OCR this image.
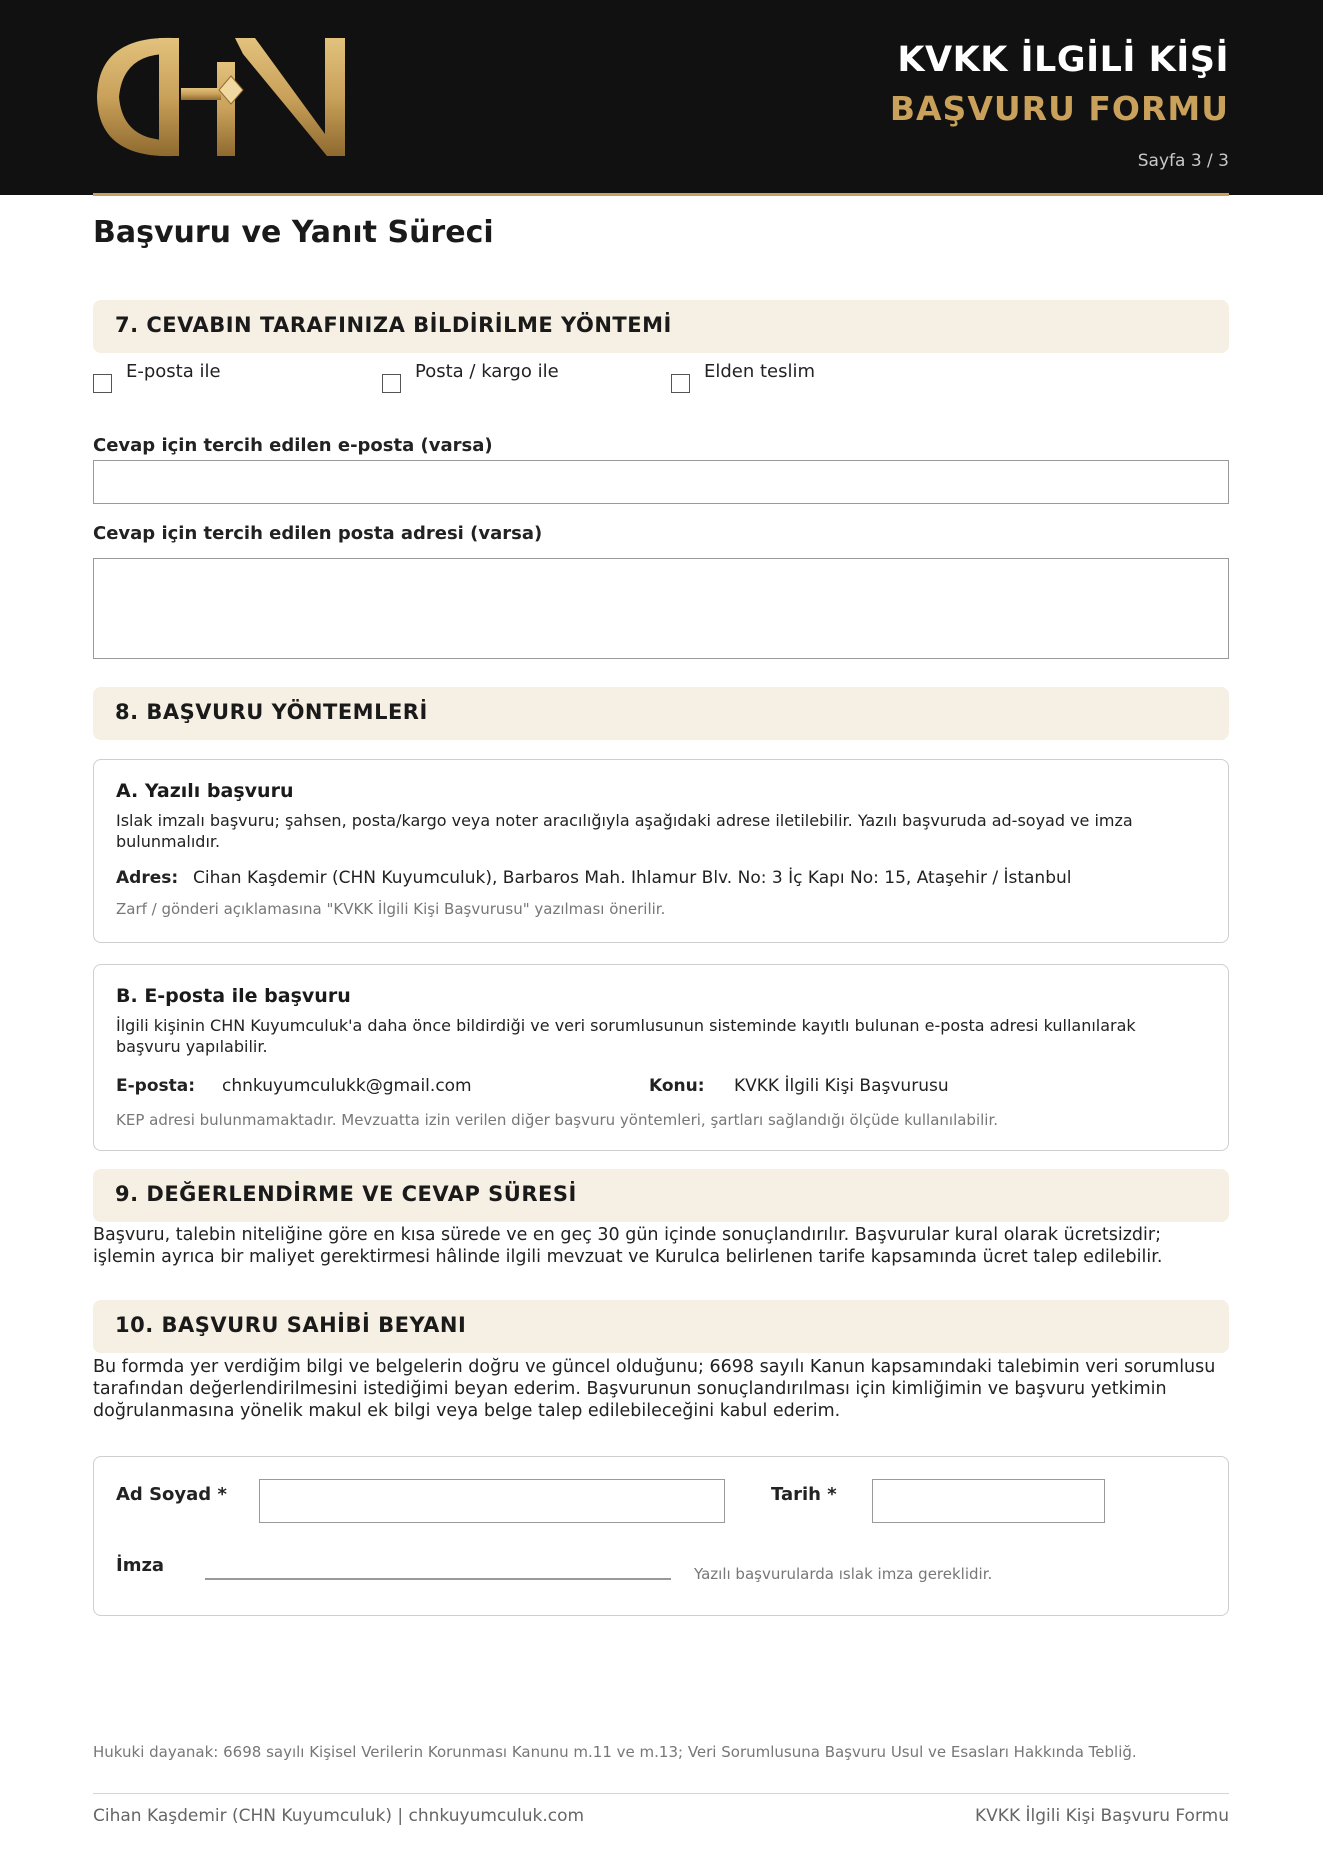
KVKK İLGİLİ KİŞİ
BAŞVURU FORMU
Sayfa 3 / 3
Başvuru ve Yanıt Süreci
7. CEVABIN TARAFINIZA BİLDİRİLME YÖNTEMİ
E-posta ile	Posta / kargo ile	Elden teslim
Cevap için tercih edilen e-posta (varsa)
Cevap için tercih edilen posta adresi (varsa)
8. BAŞVURU YÖNTEMLERİ
A. Yazılı başvuru
Islak imzalı başvuru; şahsen, posta/kargo veya noter aracılığıyla aşağıdaki adrese iletilebilir. Yazılı başvuruda ad-soyad ve imza bulunmalıdır.
Adres: Cihan Kaşdemir (CHN Kuyumculuk), Barbaros Mah. Ihlamur Blv. No: 3 İç Kapı No: 15, Ataşehir / İstanbul
Zarf / gönderi açıklamasına "KVKK İlgili Kişi Başvurusu" yazılması önerilir.
B. E-posta ile başvuru
İlgili kişinin CHN Kuyumculuk'a daha önce bildirdiği ve veri sorumlusunun sisteminde kayıtlı bulunan e-posta adresi kullanılarak başvuru yapılabilir.
E-posta: chnkuyumculukk@gmail.com	Konu: KVKK İlgili Kişi Başvurusu
KEP adresi bulunmamaktadır. Mevzuatta izin verilen diğer başvuru yöntemleri, şartları sağlandığı ölçüde kullanılabilir.
9. DEĞERLENDİRME VE CEVAP SÜRESİ
Başvuru, talebin niteliğine göre en kısa sürede ve en geç 30 gün içinde sonuçlandırılır. Başvurular kural olarak ücretsizdir; işlemin ayrıca bir maliyet gerektirmesi hâlinde ilgili mevzuat ve Kurulca belirlenen tarife kapsamında ücret talep edilebilir.
10. BAŞVURU SAHİBİ BEYANI
Bu formda yer verdiğim bilgi ve belgelerin doğru ve güncel olduğunu; 6698 sayılı Kanun kapsamındaki talebimin veri sorumlusu tarafından değerlendirilmesini istediğimi beyan ederim. Başvurunun sonuçlandırılması için kimliğimin ve başvuru yetkimin doğrulanmasına yönelik makul ek bilgi veya belge talep edilebileceğini kabul ederim.
Ad Soyad *	Tarih *
İmza	Yazılı başvurularda ıslak imza gereklidir.
Hukuki dayanak: 6698 sayılı Kişisel Verilerin Korunması Kanunu m.11 ve m.13; Veri Sorumlusuna Başvuru Usul ve Esasları Hakkında Tebliğ.
Cihan Kaşdemir (CHN Kuyumculuk) | chnkuyumculuk.com	KVKK İlgili Kişi Başvuru Formu
